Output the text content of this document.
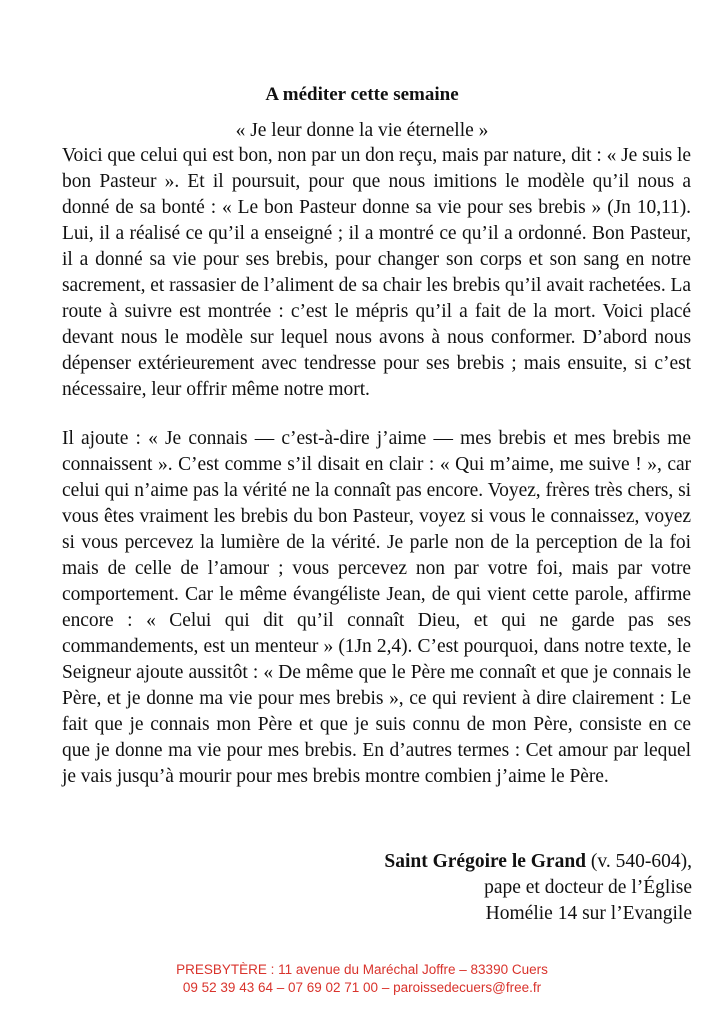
A méditer cette semaine

« Je leur donne la vie éternelle »

Voici que celui qui est bon, non par un don reçu, mais par nature, dit : « Je suis le bon Pasteur ». Et il poursuit, pour que nous imitions le modèle qu’il nous a donné de sa bonté : « Le bon Pasteur donne sa vie pour ses brebis » (Jn 10,11). Lui, il a réalisé ce qu’il a enseigné ; il a montré ce qu’il a ordonné. Bon Pasteur, il a donné sa vie pour ses brebis, pour changer son corps et son sang en notre sacrement, et rassasier de l’aliment de sa chair les brebis qu’il avait rachetées. La route à suivre est montrée : c’est le mépris qu’il a fait de la mort. Voici placé devant nous le modèle sur lequel nous avons à nous conformer. D’abord nous dépenser extérieurement avec tendresse pour ses brebis ; mais ensuite, si c’est nécessaire, leur offrir même notre mort.

Il ajoute : « Je connais — c’est-à-dire j’aime — mes brebis et mes brebis me connaissent ». C’est comme s’il disait en clair : « Qui m’aime, me suive ! », car celui qui n’aime pas la vérité ne la connaît pas encore. Voyez, frères très chers, si vous êtes vraiment les brebis du bon Pasteur, voyez si vous le connaissez, voyez si vous percevez la lumière de la vérité. Je parle non de la perception de la foi mais de celle de l’amour ; vous percevez non par votre foi, mais par votre comportement. Car le même évangéliste Jean, de qui vient cette parole, affirme encore : « Celui qui dit qu’il connaît Dieu, et qui ne garde pas ses commandements, est un menteur » (1Jn 2,4). C’est pourquoi, dans notre texte, le Seigneur ajoute aussitôt : « De même que le Père me connaît et que je connais le Père, et je donne ma vie pour mes brebis », ce qui revient à dire clairement : Le fait que je connais mon Père et que je suis connu de mon Père, consiste en ce que je donne ma vie pour mes brebis. En d’autres termes : Cet amour par lequel je vais jusqu’à mourir pour mes brebis montre combien j’aime le Père.

Saint Grégoire le Grand (v. 540-604),
pape et docteur de l’Église
Homélie 14 sur l’Evangile
PRESBYTÈRE : 11 avenue du Maréchal Joffre – 83390 Cuers
09 52 39 43 64 – 07 69 02 71 00 – paroissedecuers@free.fr
